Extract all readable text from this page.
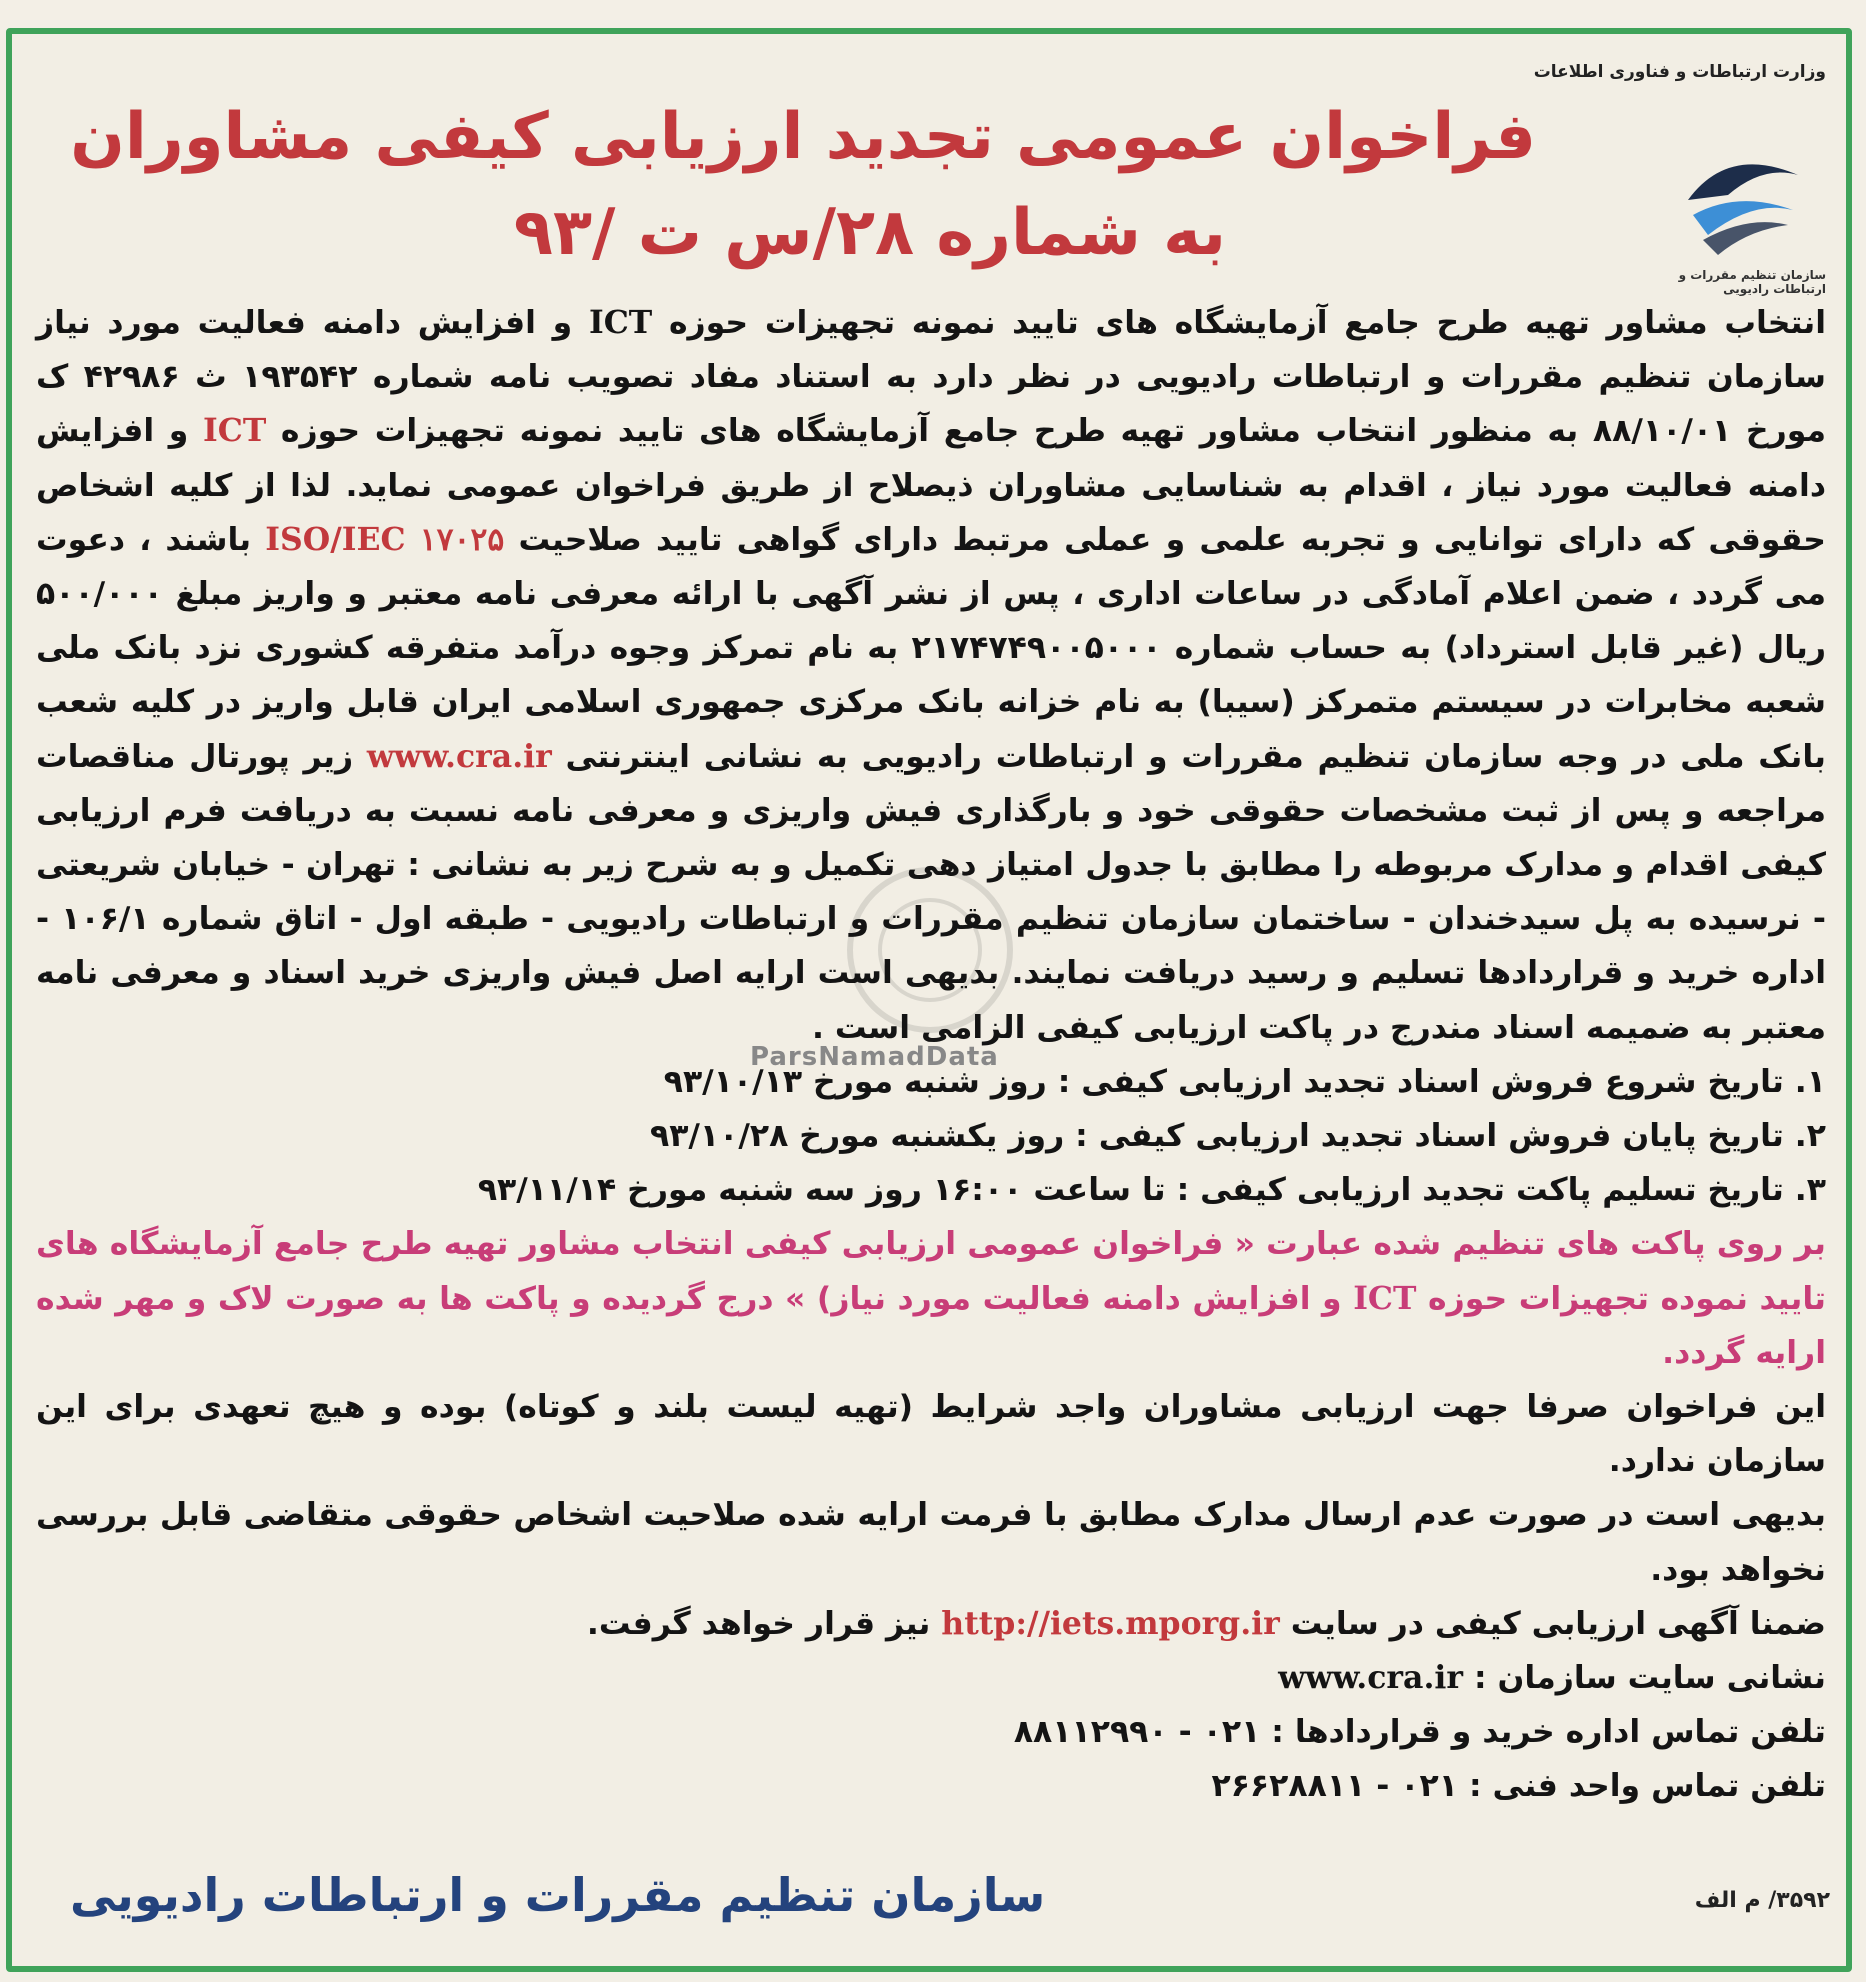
وزارت ارتباطات و فناوری اطلاعات
سازمان تنظیم مقررات و ارتباطات رادیویی
فراخوان عمومی تجدید ارزیابی کیفی مشاوران
به شماره ۲۸/س ت /۹۳
ParsNamadData

انتخاب مشاور تهیه طرح جامع آزمایشگاه های تایید نمونه تجهیزات حوزه ICT و افزایش دامنه فعالیت مورد نیاز سازمان تنظیم مقررات و ارتباطات رادیویی در نظر دارد به استناد مفاد تصویب نامه شماره ۱۹۳۵۴۲ ث ۴۲۹۸۶ ک مورخ ۸۸/۱۰/۰۱ به منظور انتخاب مشاور تهیه طرح جامع آزمایشگاه های تایید نمونه تجهیزات حوزه ICT و افزایش دامنه فعالیت مورد نیاز ، اقدام به شناسایی مشاوران ذیصلاح از طریق فراخوان عمومی نماید. لذا از کلیه اشخاص حقوقی که دارای توانایی و تجربه علمی و عملی مرتبط دارای گواهی تایید صلاحیت ISO/IEC ۱۷۰۲۵ باشند ، دعوت می گردد ، ضمن اعلام آمادگی در ساعات اداری ، پس از نشر آگهی با ارائه معرفی نامه معتبر و واریز مبلغ ۵۰۰/۰۰۰ ریال (غیر قابل استرداد) به حساب شماره ۲۱۷۴۷۴۹۰۰۵۰۰۰ به نام تمرکز وجوه درآمد متفرقه کشوری نزد بانک ملی شعبه مخابرات در سیستم متمرکز (سیبا) به نام خزانه بانک مرکزی جمهوری اسلامی ایران قابل واریز در کلیه شعب بانک ملی در وجه سازمان تنظیم مقررات و ارتباطات رادیویی به نشانی اینترنتی www.cra.ir زیر پورتال مناقصات مراجعه و پس از ثبت مشخصات حقوقی خود و بارگذاری فیش واریزی و معرفی نامه نسبت به دریافت فرم ارزیابی کیفی اقدام و مدارک مربوطه را مطابق با جدول امتیاز دهی تکمیل و به شرح زیر به نشانی : تهران - خیابان شریعتی - نرسیده به پل سیدخندان - ساختمان سازمان تنظیم مقررات و ارتباطات رادیویی - طبقه اول - اتاق شماره ۱۰۶/۱ - اداره خرید و قراردادها تسلیم و رسید دریافت نمایند. بدیهی است ارایه اصل فیش واریزی خرید اسناد و معرفی نامه معتبر به ضمیمه اسناد مندرج در پاکت ارزیابی کیفی الزامی است .

۱. تاریخ شروع فروش اسناد تجدید ارزیابی کیفی : روز شنبه مورخ ۹۳/۱۰/۱۳
۲. تاریخ پایان فروش اسناد تجدید ارزیابی کیفی : روز یکشنبه مورخ ۹۳/۱۰/۲۸
۳. تاریخ تسلیم پاکت تجدید ارزیابی کیفی : تا ساعت ۱۶:۰۰ روز سه شنبه مورخ ۹۳/۱۱/۱۴
بر روی پاکت های تنظیم شده عبارت « فراخوان عمومی ارزیابی کیفی انتخاب مشاور تهیه طرح جامع آزمایشگاه های تایید نموده تجهیزات حوزه ICT و افزایش دامنه فعالیت مورد نیاز) » درج گردیده و پاکت ها به صورت لاک و مهر شده ارایه گردد.

این فراخوان صرفا جهت ارزیابی مشاوران واجد شرایط (تهیه لیست بلند و کوتاه) بوده و هیچ تعهدی برای این سازمان ندارد.

بدیهی است در صورت عدم ارسال مدارک مطابق با فرمت ارایه شده صلاحیت اشخاص حقوقی متقاضی قابل بررسی نخواهد بود.

ضمنا آگهی ارزیابی کیفی در سایت http://iets.mporg.ir نیز قرار خواهد گرفت.

نشانی سایت سازمان : www.cra.ir

تلفن تماس اداره خرید و قراردادها : ۰۲۱ - ۸۸۱۱۲۹۹۰

تلفن تماس واحد فنی : ۰۲۱ - ۲۶۶۲۸۸۱۱

۳۵۹۲/ م الف
سازمان تنظیم مقررات و ارتباطات رادیویی
